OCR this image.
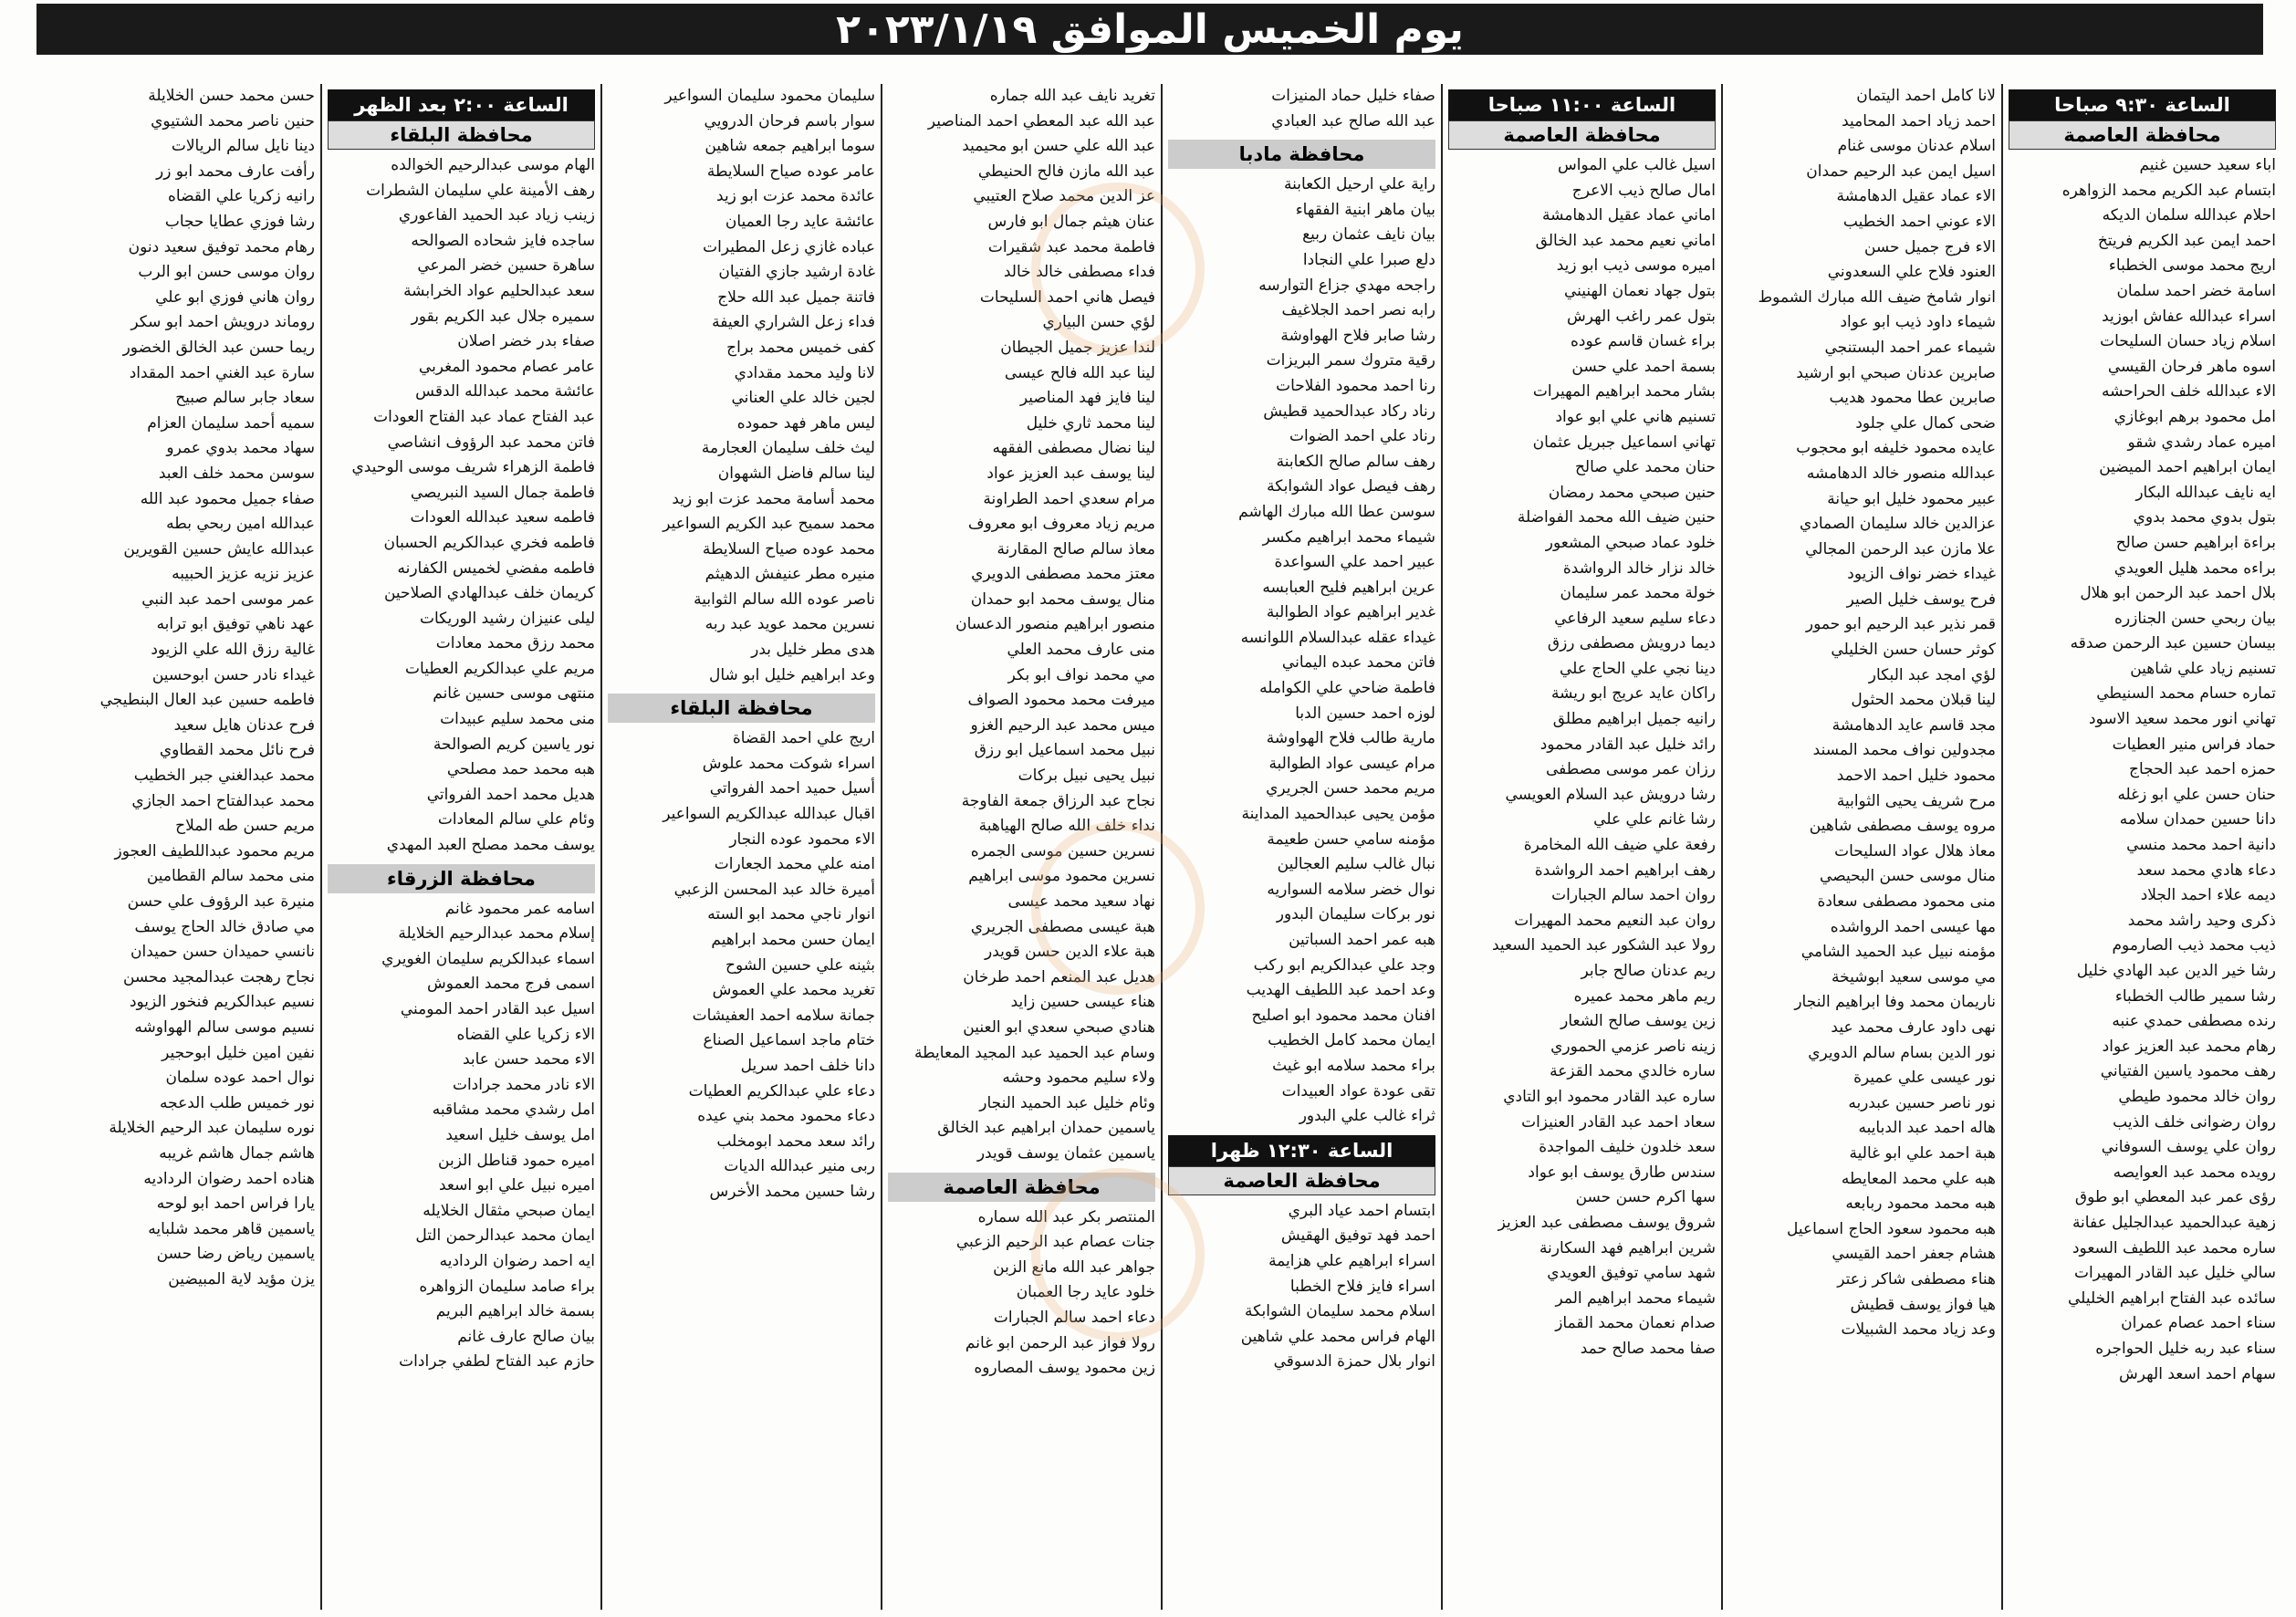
يوم الخميس الموافق ٢٠٢٣/١/١٩
الساعة ٩:٣٠ صباحا
محافظة العاصمة
اباء سعيد حسين غنيم
ابتسام عبد الكريم محمد الزواهره
احلام عبدالله سلمان الديكه
احمد ايمن عبد الكريم فريتخ
اريج محمد موسى الخطباء
اسامة خضر احمد سلمان
اسراء عبدالله عفاش ابوزيد
اسلام زياد حسان السليحات
اسوه ماهر فرحان القيسي
الاء عبدالله خلف الحراحشه
امل محمود برهم ابوغازي
اميره عماد رشدي شقو
ايمان ابراهيم احمد الميضين
ايه نايف عبدالله البكار
بتول بدوي محمد بدوي
براءة ابراهيم حسن صالح
براءه محمد هليل العويدي
بلال احمد عبد الرحمن ابو هلال
بيان ربحي حسن الجنازره
بيسان حسين عبد الرحمن صدقه
تسنيم زياد علي شاهين
تماره حسام محمد السنيطي
تهاني انور محمد سعيد الاسود
حماد فراس منير العطيات
حمزه احمد عبد الحجاج
حنان حسن علي ابو زغله
دانا حسين حمدان سلامه
دانية احمد محمد منسي
دعاء هادي محمد سعد
ديمه علاء احمد الجلاد
ذكرى وحيد راشد محمد
ذيب محمد ذيب الصارموم
رشا خير الدين عبد الهادي خليل
رشا سمير طالب الخطباء
رنده مصطفى حمدي عنبه
رهام محمد عبد العزيز عواد
رهف محمود ياسين الفتياني
روان خالد محمود طيطي
روان رضوانى خلف الذيب
روان علي يوسف السوفاني
رويده محمد عبد العوايصه
رؤى عمر عبد المعطي ابو طوق
زهية عبدالحميد عبدالجليل عفانة
ساره محمد عبد اللطيف السعود
سالي خليل عبد القادر المهيرات
سائده عبد الفتاح ابراهيم الخليلي
سناء احمد عصام عمران
سناء عبد ربه خليل الحواجره
سهام احمد اسعد الهرش
لانا كامل احمد اليتمان
احمد زياد احمد المحاميد
اسلام عدنان موسى غنام
اسيل ايمن عبد الرحيم حمدان
الاء عماد عقيل الدهامشة
الاء عوني احمد الخطيب
الاء فرج جميل حسن
العنود فلاح علي السعدوني
انوار شامخ ضيف الله مبارك الشموط
شيماء داود ذيب ابو عواد
شيماء عمر احمد البستنجي
صابرين عدنان صبحي ابو ارشيد
صابرين عطا محمود هديب
ضحى كمال علي جلود
عايده محمود خليفه ابو محجوب
عبدالله منصور خالد الدهامشه
عبير محمود خليل ابو حيانة
عزالدين خالد سليمان الصمادي
علا مازن عبد الرحمن المجالي
غيداء خضر نواف الزيود
فرح يوسف خليل الصير
قمر نذير عبد الرحيم ابو حمور
كوثر حسان حسن الخليلي
لؤي امجد عبد البكار
لينا قبلان محمد الحثول
مجد قاسم عايد الدهامشة
مجدولين نواف محمد المسند
محمود خليل احمد الاحمد
مرح شريف يحيى الثوابية
مروه يوسف مصطفى شاهين
معاذ هلال عواد السليحات
منال موسى حسن البحيصي
منى محمود مصطفى سعادة
مها عيسى احمد الرواشده
مؤمنه نبيل عبد الحميد الشامي
مي موسى سعيد ابوشيخة
ناريمان محمد وفا ابراهيم النجار
نهى داود عارف محمد عيد
نور الدين بسام سالم الدويري
نور عيسى علي عميرة
نور ناصر حسين عبدربه
هاله احمد عبد الدبايبه
هبة احمد علي ابو غالية
هبه علي محمد المعايطه
هبه محمد محمود ربابعه
هبه محمود سعود الحاج اسماعيل
هشام جعفر احمد القيسي
هناء مصطفى شاكر زعتر
هيا فواز يوسف قطيش
وعد زياد محمد الشبيلات
الساعة ١١:٠٠ صباحا
محافظة العاصمة
اسيل غالب علي المواس
امال صالح ذيب الاعرج
اماني عماد عقيل الدهامشة
اماني نعيم محمد عبد الخالق
اميره موسى ذيب ابو زيد
بتول جهاد نعمان الهنيني
بتول عمر راغب الهرش
براء غسان قاسم عوده
بسمة احمد علي حسن
بشار محمد ابراهيم المهيرات
تسنيم هاني علي ابو عواد
تهاني اسماعيل جبريل عثمان
حنان محمد علي صالح
حنين صبحي محمد رمضان
حنين ضيف الله محمد الفواضلة
خلود عماد صبحي المشعور
خالد نزار خالد الرواشدة
خولة محمد عمر سليمان
دعاء سليم سعيد الرفاعي
ديما درويش مصطفى رزق
دينا نجي علي الحاج علي
راكان عايد عريج ابو ريشة
رانيه جميل ابراهيم مطلق
رائد خليل عبد القادر محمود
رزان عمر موسى مصطفى
رشا درويش عبد السلام العويسي
رشا غانم علي علي
رفعة علي ضيف الله المخامرة
رهف ابراهيم احمد الرواشدة
روان احمد سالم الجبارات
روان عبد النعيم محمد المهيرات
رولا عبد الشكور عبد الحميد السعيد
ريم عدنان صالح جابر
ريم ماهر محمد عميره
زين يوسف صالح الشعار
زينه ناصر عزمي الحموري
ساره خالدي محمد القزعة
ساره عبد القادر محمود ابو التادي
سعاد احمد عبد القادر العنيزات
سعد خلدون خليف المواجدة
سندس طارق يوسف ابو عواد
سها اكرم حسن حسن
شروق يوسف مصطفى عبد العزيز
شرين ابراهيم فهد السكارنة
شهد سامي توفيق العويدي
شيماء محمد ابراهيم المر
صدام نعمان محمد القماز
صفا محمد صالح حمد
صفاء خليل حماد المنيزات
عبد الله صالح عبد العبادي
محافظة مادبا
راية علي ارحيل الكعابنة
بيان ماهر ابنية الفقهاء
بيان نايف عثمان ربيع
دلع صبرا علي النجادا
راجحه مهدي جزاع التوارسه
رابه نصر احمد الجلاغيف
رشا صابر فلاح الهواوشة
رقية متروك سمر البريزات
رنا احمد محمود الفلاحات
رناد ركاد عبدالحميد قطيش
رناد علي احمد الضوات
رهف سالم صالح الكعابنة
رهف فيصل عواد الشوابكة
سوسن عطا الله مبارك الهاشم
شيماء محمد ابراهيم مكسر
عبير احمد علي السواعدة
عرين ابراهيم فليح العبابسه
غدير ابراهيم عواد الطوالبة
غيداء عقله عبدالسلام اللوانسه
فاتن محمد عبده اليماني
فاطمة ضاحي علي الكوامله
لوزه احمد حسين الدبا
مارية طالب فلاح الهواوشة
مرام عيسى عواد الطوالبة
مريم محمد حسن الجريري
مؤمن يحيى عبدالحميد المداينة
مؤمنه سامي حسن طعيمة
نبال غالب سليم العجالين
نوال خضر سلامه السواريه
نور بركات سليمان البدور
هبه عمر احمد السباتين
وجد علي عبدالكريم ابو ركب
وعد احمد عبد اللطيف الهديب
افنان محمد محمود ابو اصليح
ايمان محمد كامل الخطيب
براء محمد سلامه ابو غيث
تقى عودة عواد العبيدات
ثراء غالب علي البدور
الساعة ١٢:٣٠ ظهرا
محافظة العاصمة
ابتسام احمد عياد البري
احمد فهد توفيق الهقيش
اسراء ابراهيم علي هزايمة
اسراء فايز فلاح الخطبا
اسلام محمد سليمان الشوابكة
الهام فراس محمد علي شاهين
انوار بلال حمزة الدسوقي
تغريد نايف عبد الله جماره
عبد الله عبد المعطي احمد المناصير
عبد الله علي حسن ابو محيميد
عبد الله مازن فالح الحنيطي
عز الدين محمد صلاح العتيبي
عنان هيثم جمال ابو فارس
فاطمة محمد عبد شقيرات
فداء مصطفى خالد خالد
فيصل هاني احمد السليحات
لؤي حسن البياري
لندا عزيز جميل الجيطان
لينا عبد الله فالح عيسى
لينا فايز فهد المناصير
لينا محمد ثاري خليل
لينا نضال مصطفى الفقهه
لينا يوسف عبد العزيز عواد
مرام سعدي احمد الطراونة
مريم زياد معروف ابو معروف
معاذ سالم صالح المقارنة
معتز محمد مصطفى الدويري
منال يوسف محمد ابو حمدان
منصور ابراهيم منصور الدعسان
منى عارف محمد العلي
مي محمد نواف ابو بكر
ميرفت محمد محمود الصواف
ميس محمد عبد الرحيم الغزو
نبيل محمد اسماعيل ابو رزق
نبيل يحيى نبيل بركات
نجاح عبد الرزاق جمعة الفاوجة
نداء خلف الله صالح الهياهبة
نسرين حسين موسى الجمره
نسرين محمود موسى ابراهيم
نهاد سعيد محمد عيسى
هبة عيسى مصطفى الجريري
هبة علاء الدين حسن قويدر
هديل عبد المنعم احمد طرخان
هناء عيسى حسين زايد
هنادي صبحي سعدي ابو العنين
وسام عبد الحميد عبد المجيد المعايطة
ولاء سليم محمود وحشه
وئام خليل عبد الحميد النجار
ياسمين حمدان ابراهيم عبد الخالق
ياسمين عثمان يوسف قويدر
محافظة العاصمة
المنتصر بكر عبد الله سماره
جنات عصام عبد الرحيم الزعبي
جواهر عبد الله مانع الزبن
خلود عايد رجا العمبان
دعاء احمد سالم الجبارات
رولا فواز عبد الرحمن ابو غانم
زين محمود يوسف المصاروه
سليمان محمود سليمان السواعير
سوار باسم فرحان الدرويي
سوما ابراهيم جمعه شاهين
عامر عوده صياح السلايطة
عائدة محمد عزت ابو زيد
عائشة عايد رجا العميان
عباده غازي زعل المطيرات
غادة ارشيد جازي الفتيان
فاتنة جميل عبد الله حلاج
فداء زعل الشراري العيفة
كفى خميس محمد براج
لانا وليد محمد مقدادي
لجين خالد علي العناني
ليس ماهر فهد حموده
ليث خلف سليمان العجارمة
لينا سالم فاضل الشهوان
محمد أسامة محمد عزت ابو زيد
محمد سميح عبد الكريم السواعير
محمد عوده صياح السلايطة
منيره مطر عنيفش الدهيثم
ناصر عوده الله سالم الثوابية
نسرين محمد عويد عبد ربه
هدى مطر خليل بدر
وعد ابراهيم خليل ابو شال
محافظة البلقاء
اريج علي احمد القضاة
اسراء شوكت محمد علوش
أسيل حميد احمد الفرواتي
اقبال عبدالله عبدالكريم السواعير
الاء محمود عوده النجار
امنه علي محمد الجعارات
أميرة خالد عبد المحسن الزعبي
انوار ناجي محمد ابو السته
ايمان حسن محمد ابراهيم
بثينه علي حسين الشوح
تغريد محمد علي العموش
جمانة سلامه احمد العفيشات
ختام ماجد اسماعيل الصناع
دانا خلف احمد سريل
دعاء علي عبدالكريم العطيات
دعاء محمود محمد بني عيده
رائد سعد محمد ابومخلب
ربى منير عبدالله الديات
رشا حسين محمد الأخرس
الساعة ٢:٠٠ بعد الظهر
محافظة البلقاء
الهام موسى عبدالرحيم الخوالده
رهف الأمينة علي سليمان الشطرات
زينب زياد عبد الحميد الفاعوري
ساجده فايز شحاده الصوالحه
ساهرة حسين خضر المرعي
سعد عبدالحليم عواد الخرابشة
سميره جلال عبد الكريم بقور
صفاء بدر خضر اصلان
عامر عصام محمود المغربي
عائشة محمد عبدالله الدقس
عبد الفتاح عماد عبد الفتاح العودات
فاتن محمد عبد الرؤوف انشاصي
فاطمة الزهراء شريف موسى الوحيدي
فاطمة جمال السيد النبريصي
فاطمه سعيد عبدالله العودات
فاطمه فخري عبدالكريم الحسبان
فاطمه مفضي لخميس الكفارنه
كريمان خلف عبدالهادي الصلاحين
ليلى عنيزان رشيد الوريكات
محمد رزق محمد معادات
مريم علي عبدالكريم العطيات
منتهى موسى حسين غانم
منى محمد سليم عبيدات
نور ياسين كريم الصوالحة
هبه محمد حمد مصلحي
هديل محمد احمد الفرواتي
وئام علي سالم المعادات
يوسف محمد مصلح العبد المهدي
محافظة الزرقاء
اسامه عمر محمود غانم
إسلام محمد عبدالرحيم الخلايلة
اسماء عبدالكريم سليمان الغويري
اسمى فرج محمد العموش
اسيل عبد القادر احمد المومني
الاء زكريا علي القضاه
الاء محمد حسن عابد
الاء نادر محمد جرادات
امل رشدي محمد مشاقبه
امل يوسف خليل اسعيد
اميره حمود قناطل الزبن
اميره نبيل علي ابو اسعد
ايمان صبحي مثقال الخلايله
ايمان محمد عبدالرحمن التل
ايه احمد رضوان الرداديه
براء صامد سليمان الزواهره
بسمة خالد ابراهيم البريم
بيان صالح عارف غانم
حازم عبد الفتاح لطفي جرادات
حسن محمد حسن الخلايلة
حنين ناصر محمد الشتيوي
دينا نايل سالم الريالات
رأفت عارف محمد ابو زر
رانيه زكريا علي القضاه
رشا فوزي عطايا حجاب
رهام محمد توفيق سعيد دنون
روان موسى حسن ابو الرب
روان هاني فوزي ابو علي
روماند درويش احمد ابو سكر
ريما حسن عبد الخالق الخضور
سارة عبد الغني احمد المقداد
سعاد جابر سالم صبيح
سميه أحمد سليمان العزام
سهاد محمد بدوي عمرو
سوسن محمد خلف العبد
صفاء جميل محمود عبد الله
عبدالله امين ربحي بطه
عبدالله عايش حسين القويرين
عزيز نزيه عزيز الحبيبه
عمر موسى احمد عبد النبي
عهد ناهي توفيق ابو ترابه
غالية رزق الله علي الزيود
غيداء نادر حسن ابوحسين
فاطمه حسين عبد العال البنطيجي
فرح عدنان هايل سعيد
فرح نائل محمد القطاوي
محمد عبدالغني جبر الخطيب
محمد عبدالفتاح احمد الجازي
مريم حسن طه الملاح
مريم محمود عبداللطيف العجوز
منى محمد سالم القطامين
منيرة عبد الرؤوف علي حسن
مي صادق خالد الحاج يوسف
نانسي حميدان حسن حميدان
نجاح رهجت عبدالمجيد محسن
نسيم عبدالكريم فنخور الزيود
نسيم موسى سالم الهواوشه
نفين امين خليل ابوحجير
نوال احمد عوده سلمان
نور خميس طلب الدعجه
نوره سليمان عبد الرحيم الخلايلة
هاشم جمال هاشم غريبه
هناده احمد رضوان الرداديه
يارا فراس احمد ابو لوحه
ياسمين قاهر محمد شلبايه
ياسمين رياض رضا حسن
يزن مؤيد لاية المبيضين
